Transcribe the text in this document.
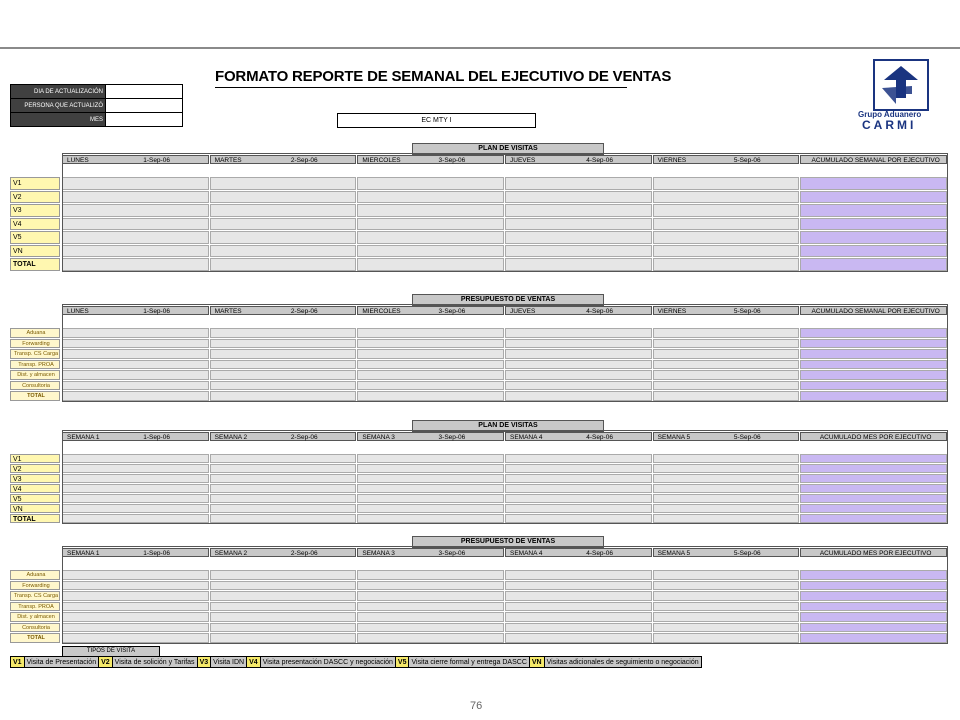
FORMATO REPORTE DE SEMANAL DEL EJECUTIVO DE VENTAS
DIA DE ACTUALIZACIÓN	
PERSONA QUE ACTUALIZÓ	
MES		EC MTY I
Grupo Aduanero
CARMI
PLAN DE VISITAS
LUNES	1-Sep-06	MARTES	2-Sep-06	MIERCOLES	3-Sep-06	JUEVES	4-Sep-06	VIERNES	5-Sep-06	ACUMULADO SEMANAL POR EJECUTIVO
V1
V2
V3
V4
V5
VN
TOTAL
PRESUPUESTO DE VENTAS
LUNES	1-Sep-06	MARTES	2-Sep-06	MIERCOLES	3-Sep-06	JUEVES	4-Sep-06	VIERNES	5-Sep-06	ACUMULADO SEMANAL POR EJECUTIVO
Aduana
Forwarding
Transp. CS Carga
Transp. PROA
Dist. y almacen
Consultoria
TOTAL
PLAN DE VISITAS
SEMANA 1	1-Sep-06	SEMANA 2	2-Sep-06	SEMANA 3	3-Sep-06	SEMANA 4	4-Sep-06	SEMANA 5	5-Sep-06	ACUMULADO MES POR EJECUTIVO
V1
V2
V3
V4
V5
VN
TOTAL
PRESUPUESTO DE VENTAS
SEMANA 1	1-Sep-06	SEMANA 2	2-Sep-06	SEMANA 3	3-Sep-06	SEMANA 4	4-Sep-06	SEMANA 5	5-Sep-06	ACUMULADO MES POR EJECUTIVO
Aduana
Forwarding
Transp. CS Carga
Transp. PROA
Dist. y almacen
Consultoria
TOTAL
TIPOS DE VISITA
V1	Visita de Presentación	V2	Visita de solición y Tarifas	V3	Visita IDN	V4	Visita presentación DASCC y negociación	V5	Visita cierre formal y entrega DASCC	VN	Visitas adicionales de seguimiento o negociación
76
